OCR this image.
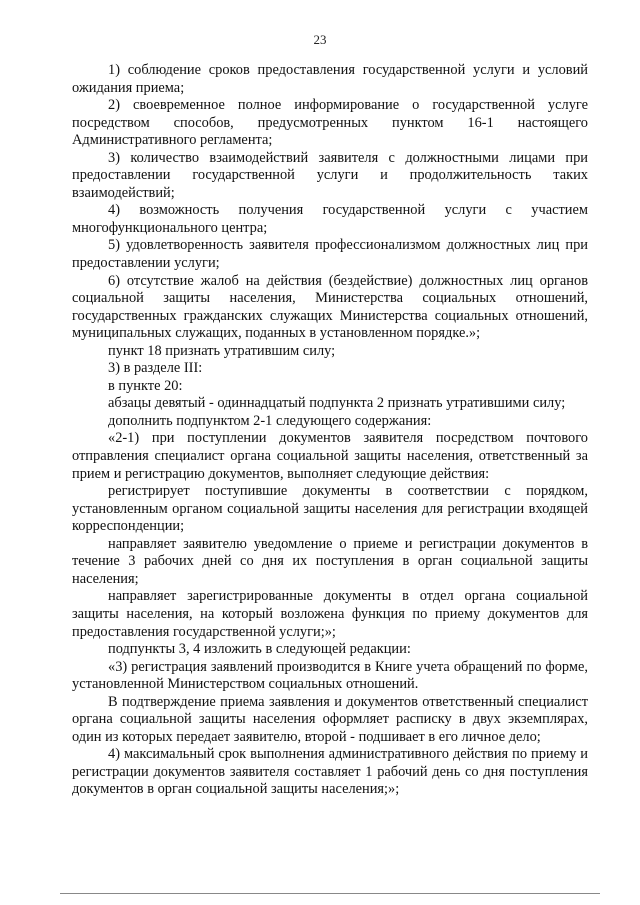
23

1) соблюдение сроков предоставления государственной услуги и условий ожидания приема;

2) своевременное полное информирование о государственной услуге посредством способов, предусмотренных пунктом 16-1 настоящего Административного регламента;

3) количество взаимодействий заявителя с должностными лицами при предоставлении государственной услуги и продолжительность таких взаимодействий;

4) возможность получения государственной услуги с участием многофункционального центра;

5) удовлетворенность заявителя профессионализмом должностных лиц при предоставлении услуги;

6) отсутствие жалоб на действия (бездействие) должностных лиц органов социальной защиты населения, Министерства социальных отношений, государственных гражданских служащих Министерства социальных отношений, муниципальных служащих, поданных в установленном порядке.»;

пункт 18 признать утратившим силу;

3) в разделе III:

в пункте 20:

абзацы девятый - одиннадцатый подпункта 2 признать утратившими силу;

дополнить подпунктом 2-1 следующего содержания:

«2-1) при поступлении документов заявителя посредством почтового отправления специалист органа социальной защиты населения, ответственный за прием и регистрацию документов, выполняет следующие действия:

регистрирует поступившие документы в соответствии с порядком, установленным органом социальной защиты населения для регистрации входящей корреспонденции;

направляет заявителю уведомление о приеме и регистрации документов в течение 3 рабочих дней со дня их поступления в орган социальной защиты населения;

направляет зарегистрированные документы в отдел органа социальной защиты населения, на который возложена функция по приему документов для предоставления государственной услуги;»;

подпункты 3, 4 изложить в следующей редакции:

«3) регистрация заявлений производится в Книге учета обращений по форме, установленной Министерством социальных отношений.

В подтверждение приема заявления и документов ответственный специалист органа социальной защиты населения оформляет расписку в двух экземплярах, один из которых передает заявителю, второй - подшивает в его личное дело;

4) максимальный срок выполнения административного действия по приему и регистрации документов заявителя составляет 1 рабочий день со дня поступления документов в орган социальной защиты населения;»;
